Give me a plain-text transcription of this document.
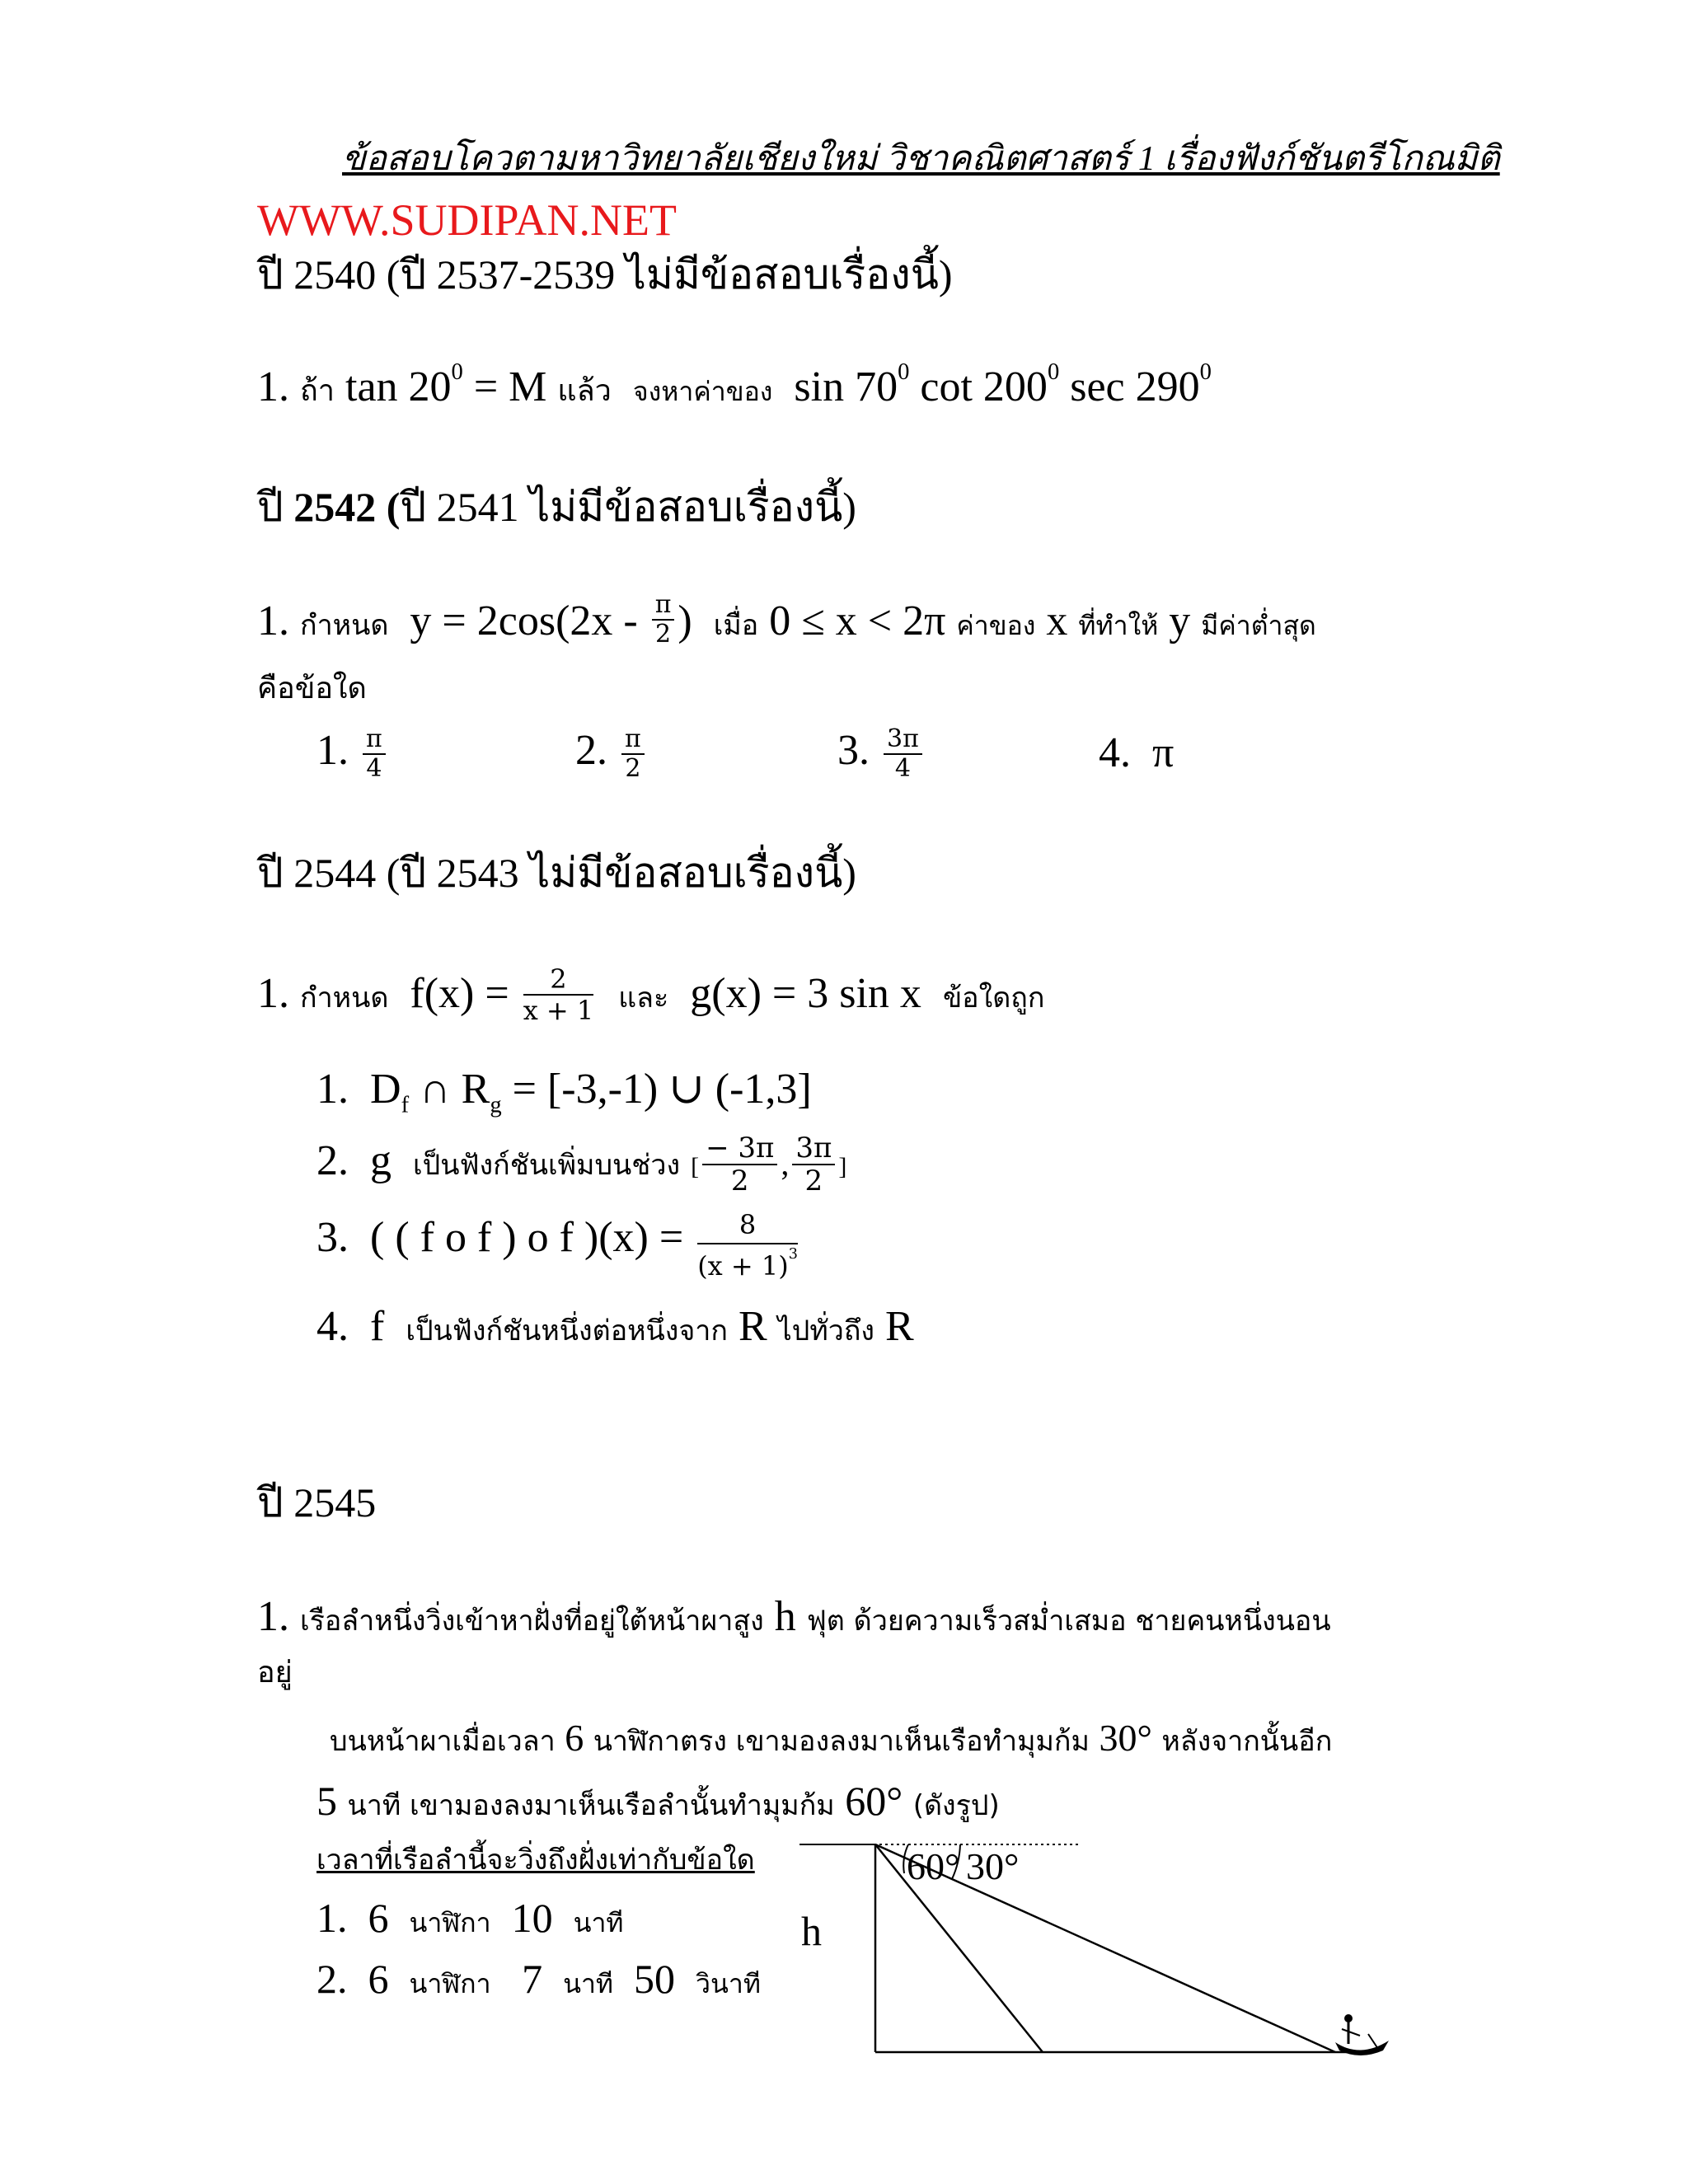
ข้อสอบโควตามหาวิทยาลัยเชียงใหม่ วิชาคณิตศาสตร์ 1 เรื่องฟังก์ชันตรีโกณมิติ
WWW.SUDIPAN.NET
ปี 2540 (ปี 2537-2539 ไม่มีข้อสอบเรื่องนี้)
1. ถ้า $\tan 20^0 = M$ แล้ว จงหาค่าของ $\sin 70^0$ $\cot 200^0$ $\sec 290^0$
ปี 2542 (ปี 2541 ไม่มีข้อสอบเรื่องนี้)
1. กำหนด $y = 2\cos(2x - \frac{\pi}{2}$ ) เมื่อ 0 ≤ x < 2π ค่าของ x ที่ทำให้ y มีค่าต่ำสุด
คือข้อใด
1. $\frac{\pi}{4}$	2. $\frac{\pi}{2}$	3. $\frac{3\pi}{4}$	4. π
ปี 2544 (ปี 2543 ไม่มีข้อสอบเรื่องนี้)
1. กำหนด $f(x) = \frac{2}{x + 1}$ และ g(x) = 3 sin x ข้อใดถูก
1. $D_f$ ∩ $R_g = [-3,-1)$ ∪ (-1,3]
2. g เป็นฟังก์ชันเพิ่มบนช่วง [ $\frac{- 3\pi}{2}$ , $\frac{3\pi}{2}$ ]
3. ( ( f o f ) o f )$(x) = \frac{8}{(x + 1)^3}$
4. f เป็นฟังก์ชันหนึ่งต่อหนึ่งจาก R ไปทั่วถึง R
ปี 2545
1. เรือลำหนึ่งวิ่งเข้าหาฝั่งที่อยู่ใต้หน้าผาสูง h ฟุต ด้วยความเร็วสม่ำเสมอ ชายคนหนึ่งนอน
อยู่
บนหน้าผาเมื่อเวลา 6 นาฬิกาตรง เขามองลงมาเห็นเรือทำมุมก้ม 30° หลังจากนั้นอีก
5 นาที เขามองลงมาเห็นเรือลำนั้นทำมุมก้ม 60° (ดังรูป)
เวลาที่เรือลำนี้จะวิ่งถึงฝั่งเท่ากับข้อใด
1. 6 นาฬิกา 10 นาที
2. 6 นาฬิกา 7 นาที 50 วินาที
60° 30°
h
